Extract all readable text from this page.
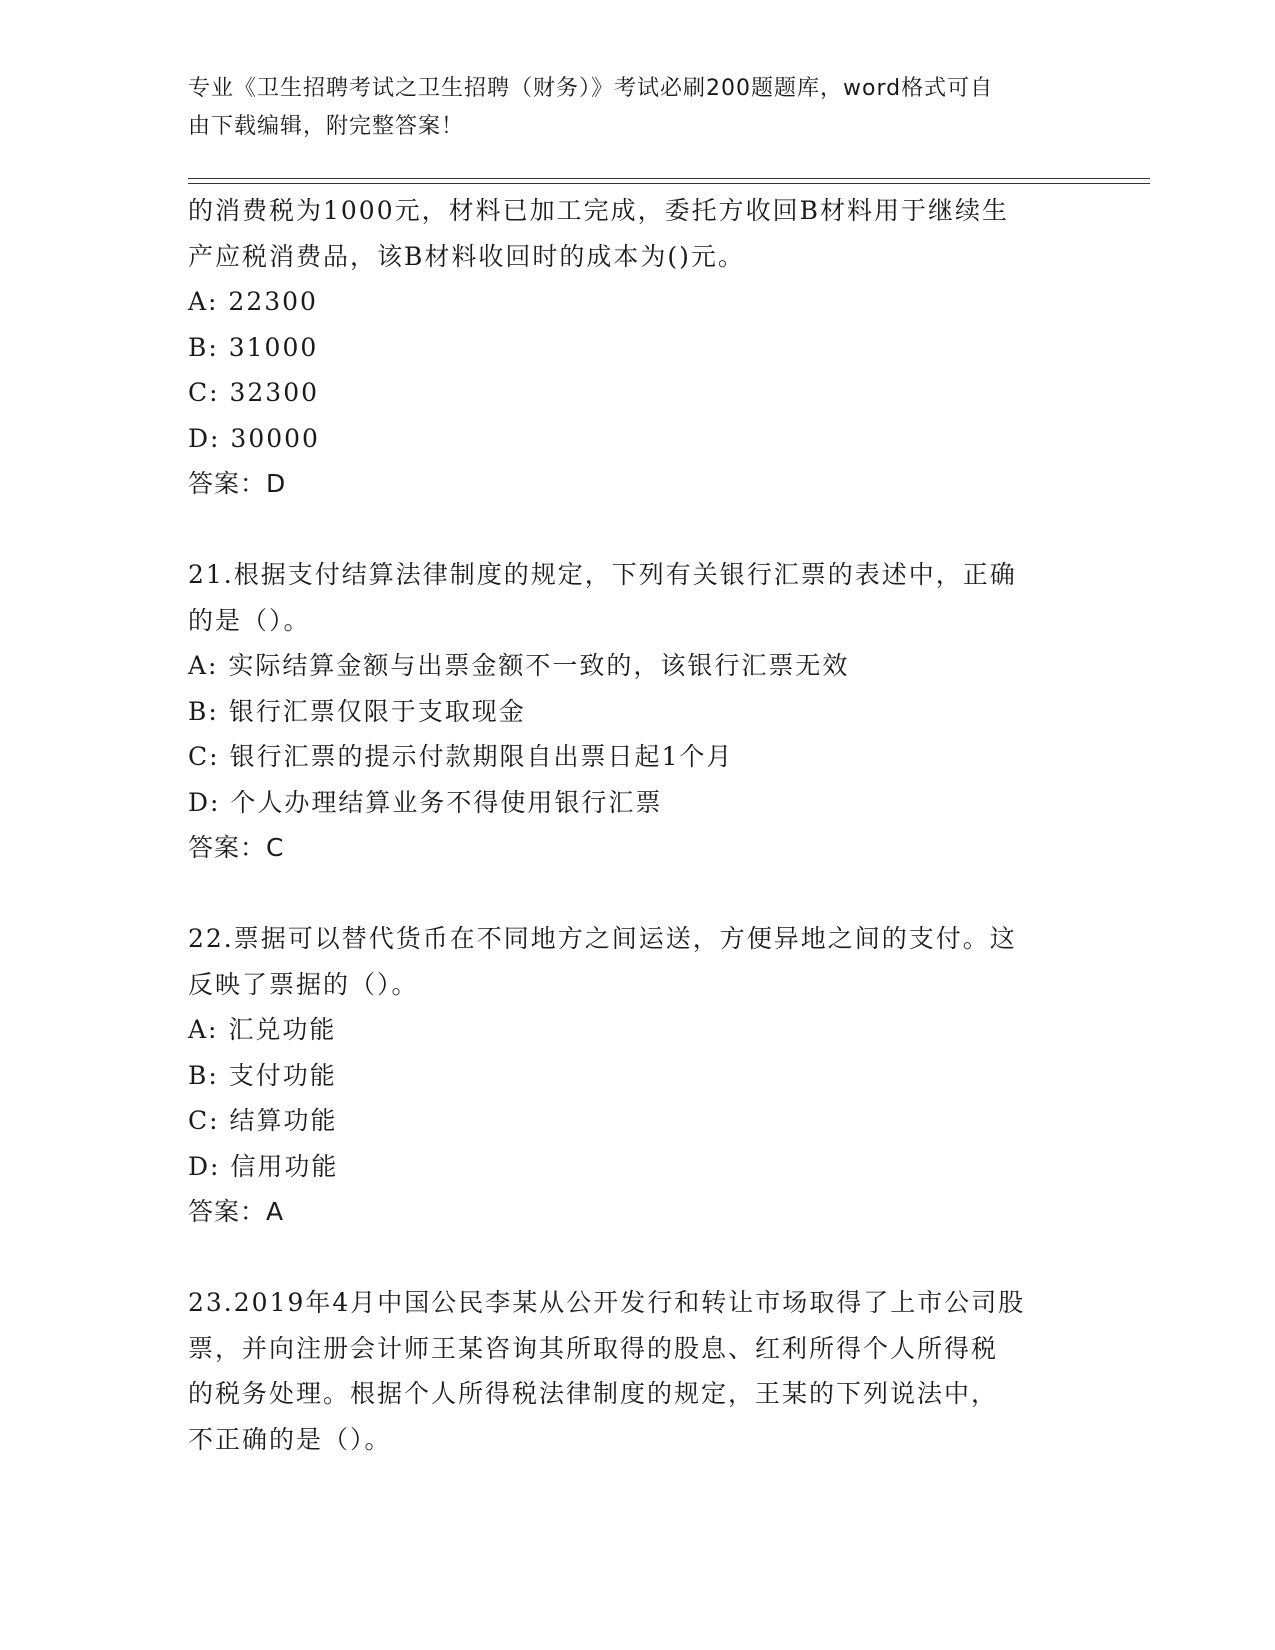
专业《卫生招聘考试之卫生招聘（财务）》考试必刷200题题库，word格式可自
由下载编辑，附完整答案！
的消费税为1000元，材料已加工完成，委托方收回B材料用于继续生
产应税消费品，该B材料收回时的成本为()元。
A: 22300
B: 31000
C: 32300
D: 30000
答案：D
21.根据支付结算法律制度的规定，下列有关银行汇票的表述中，正确
的是（）。
A: 实际结算金额与出票金额不一致的，该银行汇票无效
B: 银行汇票仅限于支取现金
C: 银行汇票的提示付款期限自出票日起1个月
D: 个人办理结算业务不得使用银行汇票
答案：C
22.票据可以替代货币在不同地方之间运送，方便异地之间的支付。这
反映了票据的（）。
A: 汇兑功能
B: 支付功能
C: 结算功能
D: 信用功能
答案：A
23.2019年4月中国公民李某从公开发行和转让市场取得了上市公司股
票，并向注册会计师王某咨询其所取得的股息、红利所得个人所得税
的税务处理。根据个人所得税法律制度的规定，王某的下列说法中，
不正确的是（）。
